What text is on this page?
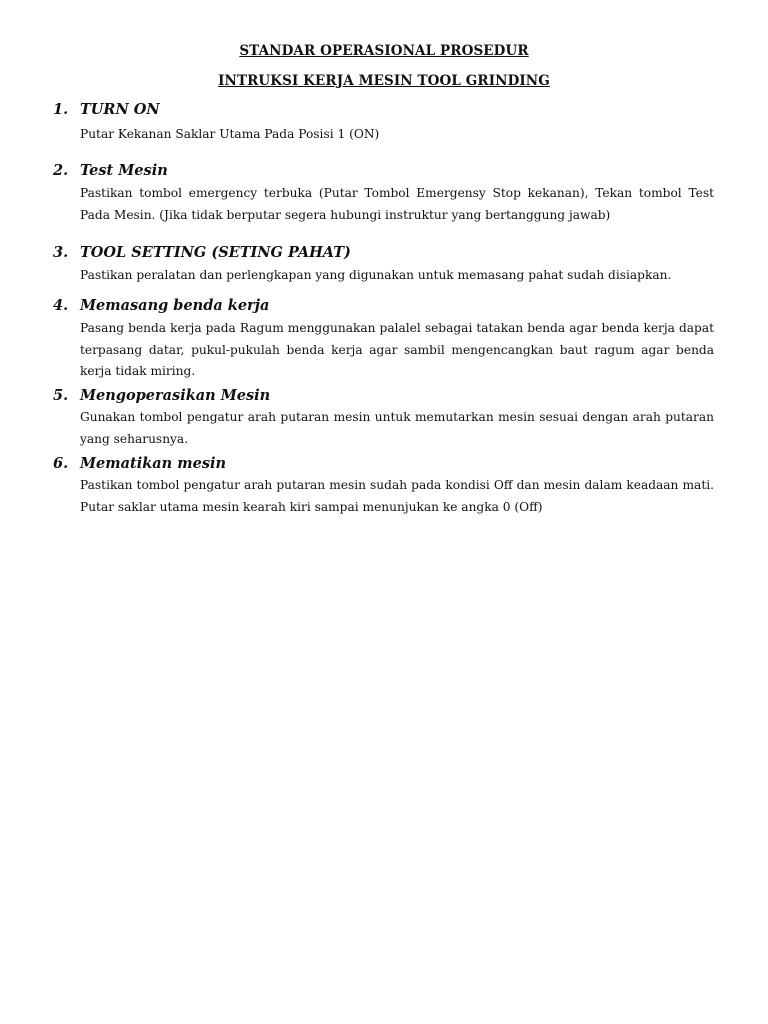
STANDAR OPERASIONAL PROSEDUR
INTRUKSI KERJA MESIN TOOL GRINDING
1. TURN ON
Putar Kekanan Saklar Utama Pada Posisi 1 (ON)
2. Test Mesin
Pastikan tombol emergency terbuka (Putar Tombol Emergensy Stop kekanan), Tekan tombol Test Pada Mesin. (Jika tidak berputar segera hubungi instruktur yang bertanggung jawab)
3. TOOL SETTING (SETING PAHAT)
Pastikan peralatan dan perlengkapan yang digunakan untuk memasang pahat sudah disiapkan.
4. Memasang benda kerja
Pasang benda kerja pada Ragum menggunakan palalel sebagai tatakan benda agar benda kerja dapat terpasang datar, pukul-pukulah benda kerja agar sambil mengencangkan baut ragum agar benda kerja tidak miring.
5. Mengoperasikan Mesin
Gunakan tombol pengatur arah putaran mesin untuk memutarkan mesin sesuai dengan arah putaran yang seharusnya.
6. Mematikan mesin
Pastikan tombol pengatur arah putaran mesin sudah pada kondisi Off dan mesin dalam keadaan mati. Putar saklar utama mesin kearah kiri sampai menunjukan ke angka 0 (Off)
